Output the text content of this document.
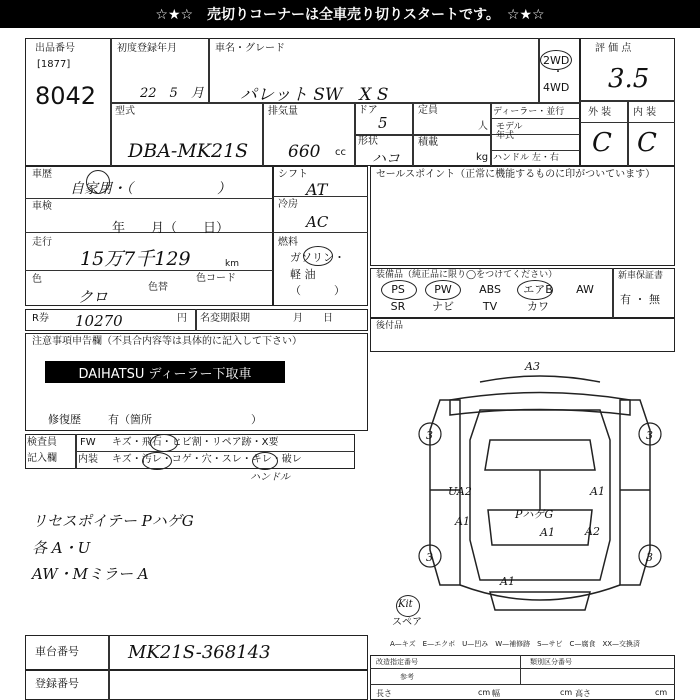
☆★☆　売切りコーナーは全車売り切りスタートです。　☆★☆
出品番号
[1877]
8042
初度登録年月
22　5　月
車名・グレード
パレット SW　X S
2WD
・
4WD
評 価 点
3.5
型式
DBA-MK21S
排気量
660 cc
ドア
5
形状
ハコ
定員
人
積載
kg
ディーラー・並行
モデル
年式
ハンドル 左・右
外 装 内 装
C C
車歴
自家用・（　　　　　　）
車検
年　　月（　　日）
走行
15万7千129	km
色
クロ
色替
色コード
シフト
AT
冷房
AC
燃料
ガソリン・
軽 油
（　　　）
セールスポイント（正常に機能するものに印がついています）
装備品（純正品に限り◯をつけてください）
PS	PW	ABS	エアB	AW
SR	ナビ	TV	カワ
新車保証書
有 ・ 無
R券 10270	円 名変期限期	月　　日
後付品
注意事項申告欄（不具合内容等は具体的に記入して下さい）
DAIHATSU ディーラー下取車
修復歴 有（箇所　　　　　　　　　）
検査員
記入欄
FW キズ・飛石・ヒビ割・リペア跡・X要
内装 キズ・汚レ・コゲ・穴・スレ・キレ・破レ
ハンドル
リセスポイテー PハゲG
各 A・U
AW・Mミラー A
A3
3	3
UA2
A1
PハゲG
A1
A1	A2
3	3
A1
Kit
スペア
A—キズ　E—エクボ　U—凹み　W—補修跡　S—サビ　C—腐食　XX—交換済
車台番号	MK21S-368143
登録番号
改造指定番号
参考
類別区分番号
長さ	cm 幅	cm 高さ	cm
